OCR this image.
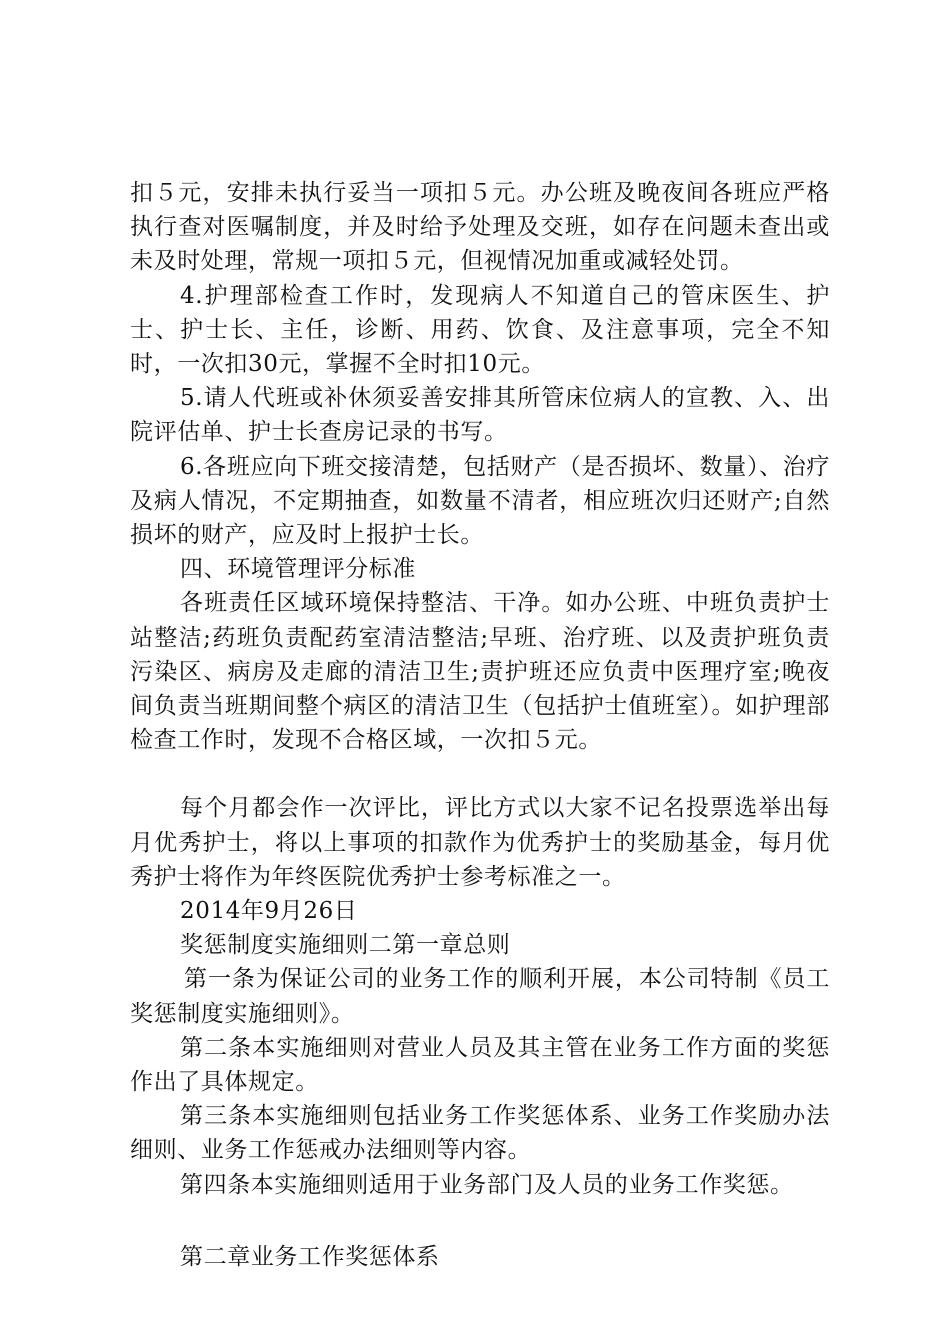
扣５元，安排未执行妥当一项扣５元。办公班及晚夜间各班应严格执行查对医嘱制度，并及时给予处理及交班，如存在问题未查出或未及时处理，常规一项扣５元，但视情况加重或减轻处罚。

4.护理部检查工作时，发现病人不知道自己的管床医生、护士、护士长、主任，诊断、用药、饮食、及注意事项，完全不知时，一次扣30元，掌握不全时扣10元。

5.请人代班或补休须妥善安排其所管床位病人的宣教、入、出院评估单、护士长查房记录的书写。

6.各班应向下班交接清楚，包括财产（是否损坏、数量）、治疗及病人情况，不定期抽查，如数量不清者，相应班次归还财产;自然损坏的财产，应及时上报护士长。

四、环境管理评分标准

各班责任区域环境保持整洁、干净。如办公班、中班负责护士站整洁;药班负责配药室清洁整洁;早班、治疗班、以及责护班负责污染区、病房及走廊的清洁卫生;责护班还应负责中医理疗室;晚夜间负责当班期间整个病区的清洁卫生（包括护士值班室）。如护理部检查工作时，发现不合格区域，一次扣５元。

每个月都会作一次评比，评比方式以大家不记名投票选举出每月优秀护士，将以上事项的扣款作为优秀护士的奖励基金，每月优秀护士将作为年终医院优秀护士参考标准之一。

2014年9月26日

奖惩制度实施细则二第一章总则

第一条为保证公司的业务工作的顺利开展，本公司特制《员工奖惩制度实施细则》。

第二条本实施细则对营业人员及其主管在业务工作方面的奖惩作出了具体规定。

第三条本实施细则包括业务工作奖惩体系、业务工作奖励办法细则、业务工作惩戒办法细则等内容。

第四条本实施细则适用于业务部门及人员的业务工作奖惩。

第二章业务工作奖惩体系
